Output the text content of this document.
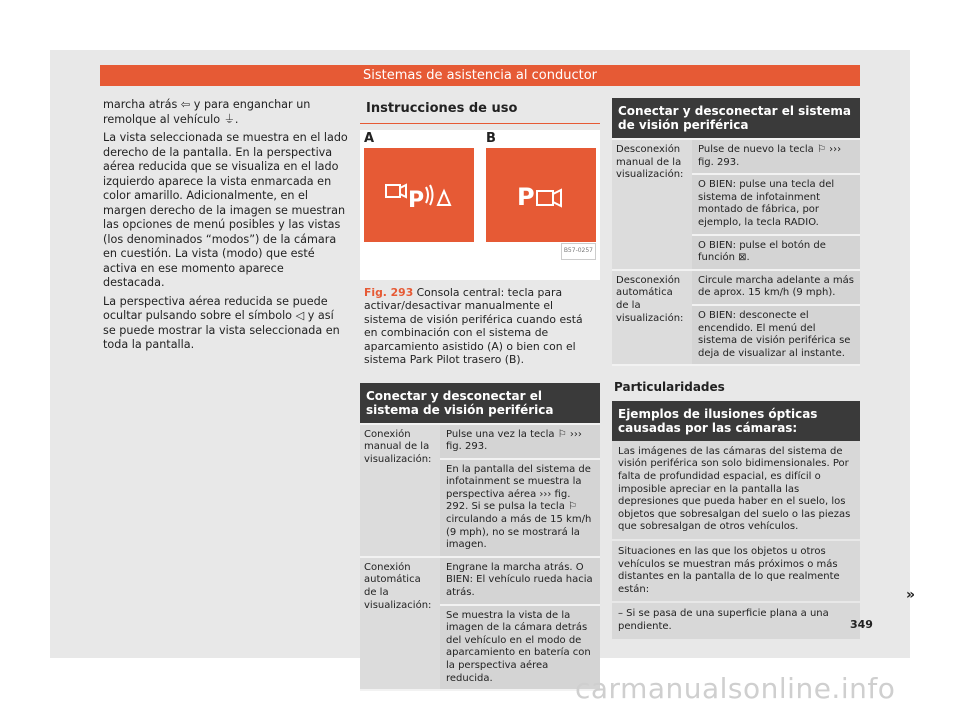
Sistemas de asistencia al conductor

marcha atrás ⇦ y para enganchar un remolque al vehículo ⏚.

La vista seleccionada se muestra en el lado derecho de la pantalla. En la perspectiva aérea reducida que se visualiza en el lado izquierdo aparece la vista enmarcada en color amarillo. Adicionalmente, en el margen derecho de la imagen se muestran las opciones de menú posibles y las vistas (los denominados “modos”) de la cámara en cuestión. La vista (modo) que esté activa en ese momento aparece destacada.

La perspectiva aérea reducida se puede ocultar pulsando sobre el símbolo ◁ y así se puede mostrar la vista seleccionada en toda la pantalla.

Instrucciones de uso
A	B
P	P
B57-0257
Fig. 293 Consola central: tecla para activar/desactivar manualmente el sistema de visión periférica cuando está en combinación con el sistema de aparcamiento asistido (A) o bien con el sistema Park Pilot trasero (B).
Conectar y desconectar el sistema de visión periférica
Conexión manual de la visualización:	Pulse una vez la tecla ⚐ ››› fig. 293.
	En la pantalla del sistema de infotainment se muestra la perspectiva aérea ››› fig. 292. Si se pulsa la tecla ⚐ circulando a más de 15 km/h (9 mph), no se mostrará la imagen.
Conexión automática de la visualización:	Engrane la marcha atrás. O BIEN: El vehículo rueda hacia atrás.
	Se muestra la vista de la imagen de la cámara detrás del vehículo en el modo de aparcamiento en batería con la perspectiva aérea reducida.
Conectar y desconectar el sistema de visión periférica
Desconexión manual de la visualización:	Pulse de nuevo la tecla ⚐ ››› fig. 293.
	O BIEN: pulse una tecla del sistema de infotainment montado de fábrica, por ejemplo, la tecla RADIO.
	O BIEN: pulse el botón de función ⊠.
Desconexión automática de la visualización:	Circule marcha adelante a más de aprox. 15 km/h (9 mph).
	O BIEN: desconecte el encendido. El menú del sistema de visión periférica se deja de visualizar al instante.
Particularidades
Ejemplos de ilusiones ópticas causadas por las cámaras:
Las imágenes de las cámaras del sistema de visión periférica son solo bidimensionales. Por falta de profundidad espacial, es difícil o imposible apreciar en la pantalla las depresiones que pueda haber en el suelo, los objetos que sobresalgan del suelo o las piezas que sobresalgan de otros vehículos.
Situaciones en las que los objetos u otros vehículos se muestran más próximos o más distantes en la pantalla de lo que realmente están:
– Si se pasa de una superficie plana a una pendiente.
»
349
carmanualsonline.info
